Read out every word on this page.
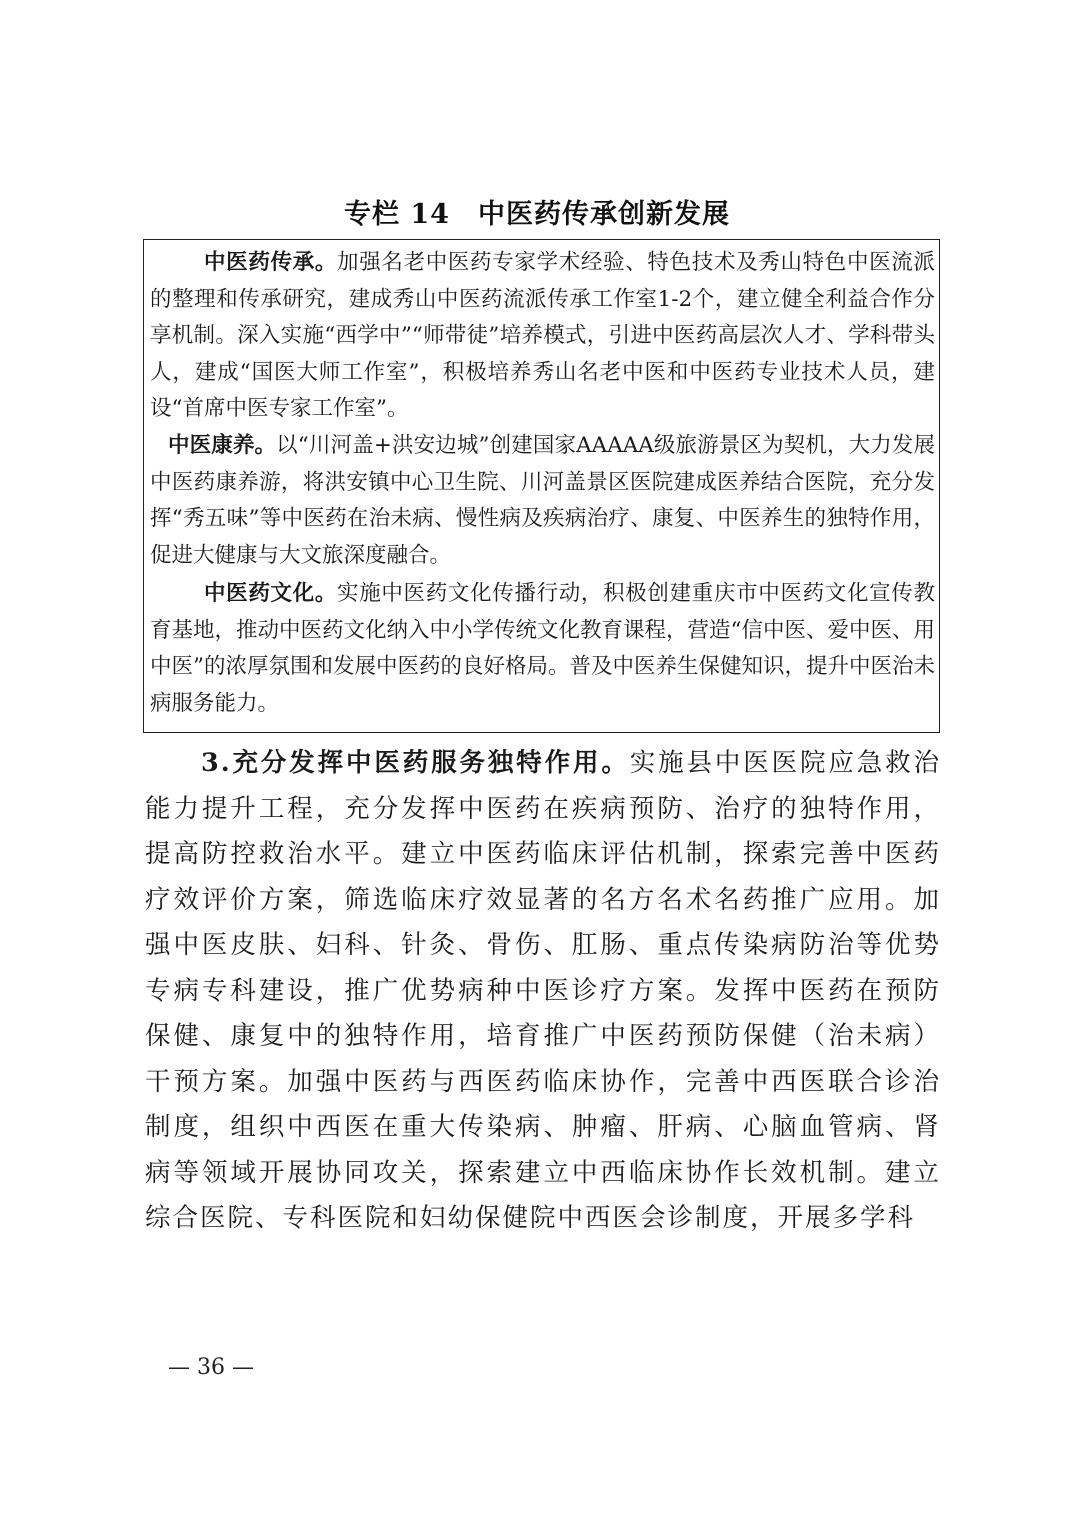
专栏 14　中医药传承创新发展

中医药传承。加强名老中医药专家学术经验、特色技术及秀山特色中医流派的整理和传承研究，建成秀山中医药流派传承工作室1-2个，建立健全利益合作分享机制。深入实施“西学中”“师带徒”培养模式，引进中医药高层次人才、学科带头人，建成“国医大师工作室”，积极培养秀山名老中医和中医药专业技术人员，建设“首席中医专家工作室”。

中医康养。以“川河盖+洪安边城”创建国家AAAAA级旅游景区为契机，大力发展中医药康养游，将洪安镇中心卫生院、川河盖景区医院建成医养结合医院，充分发挥“秀五味”等中医药在治未病、慢性病及疾病治疗、康复、中医养生的独特作用，促进大健康与大文旅深度融合。

中医药文化。实施中医药文化传播行动，积极创建重庆市中医药文化宣传教育基地，推动中医药文化纳入中小学传统文化教育课程，营造“信中医、爱中医、用中医”的浓厚氛围和发展中医药的良好格局。普及中医养生保健知识，提升中医治未病服务能力。

3.充分发挥中医药服务独特作用。实施县中医医院应急救治能力提升工程，充分发挥中医药在疾病预防、治疗的独特作用，提高防控救治水平。建立中医药临床评估机制，探索完善中医药疗效评价方案，筛选临床疗效显著的名方名术名药推广应用。加强中医皮肤、妇科、针灸、骨伤、肛肠、重点传染病防治等优势专病专科建设，推广优势病种中医诊疗方案。发挥中医药在预防保健、康复中的独特作用，培育推广中医药预防保健（治未病）干预方案。加强中医药与西医药临床协作，完善中西医联合诊治制度，组织中西医在重大传染病、肿瘤、肝病、心脑血管病、肾病等领域开展协同攻关，探索建立中西临床协作长效机制。建立综合医院、专科医院和妇幼保健院中西医会诊制度，开展多学科

— 36 —
